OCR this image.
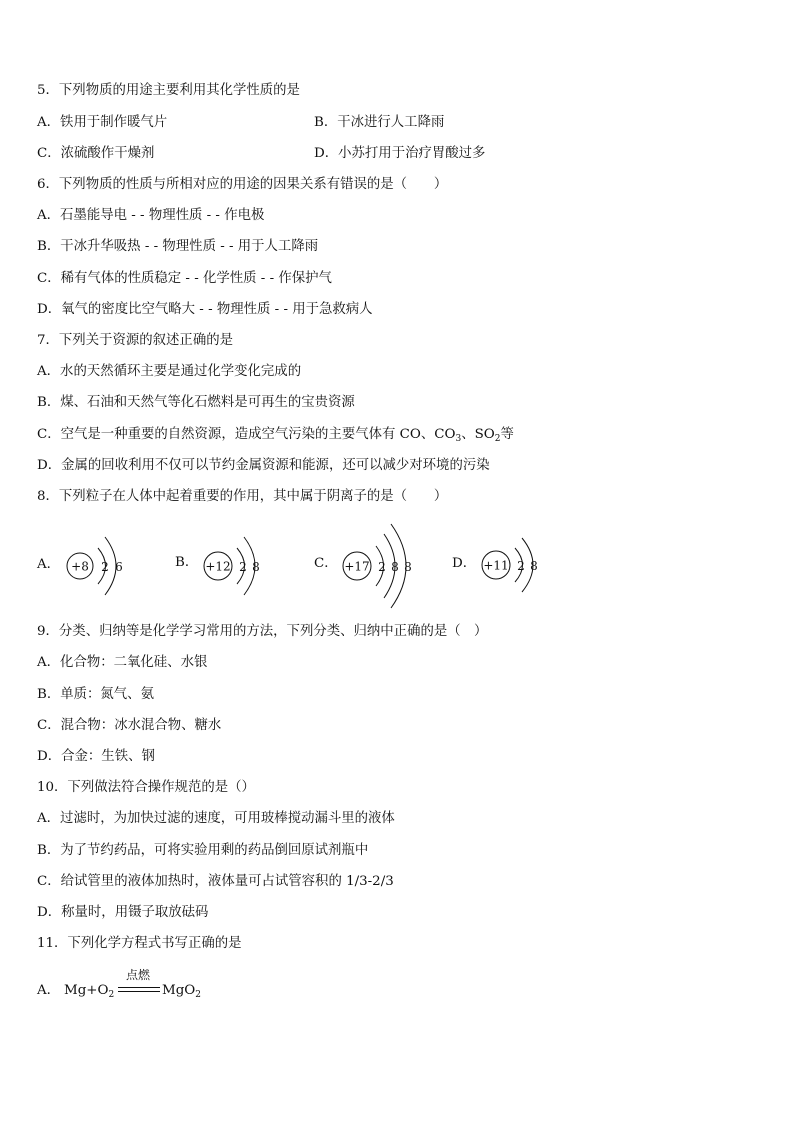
5．下列物质的用途主要利用其化学性质的是
A．铁用于制作暖气片	B．干冰进行人工降雨
C．浓硫酸作干燥剂	D．小苏打用于治疗胃酸过多
6．下列物质的性质与所相对应的用途的因果关系有错误的是（　　）
A．石墨能导电 - - 物理性质 - - 作电极
B．干冰升华吸热 - - 物理性质 - - 用于人工降雨
C．稀有气体的性质稳定 - - 化学性质 - - 作保护气
D．氧气的密度比空气略大 - - 物理性质 - - 用于急救病人
7．下列关于资源的叙述正确的是
A．水的天然循环主要是通过化学变化完成的
B．煤、石油和天然气等化石燃料是可再生的宝贵资源
C．空气是一种重要的自然资源，造成空气污染的主要气体有 CO、$CO_3$、$SO_2$等
D．金属的回收利用不仅可以节约金属资源和能源，还可以减少对环境的污染
8．下列粒子在人体中起着重要的作用，其中属于阴离子的是（　　）
A． +8 2 6	B． +12 2 8	C． +17 2 8 8	D． +11 2 8
9．分类、归纳等是化学学习常用的方法，下列分类、归纳中正确的是（　）
A．化合物：二氧化硅、水银
B．单质：氮气、氨
C．混合物：冰水混合物、糖水
D．合金：生铁、钢
10．下列做法符合操作规范的是（）
A．过滤时，为加快过滤的速度，可用玻棒搅动漏斗里的液体
B．为了节约药品，可将实验用剩的药品倒回原试剂瓶中
C．给试管里的液体加热时，液体量可占试管容积的 1/3-2/3
D．称量时，用镊子取放砝码
11．下列化学方程式书写正确的是
A． $Mg+O_2$
点燃
MgO$_2$
